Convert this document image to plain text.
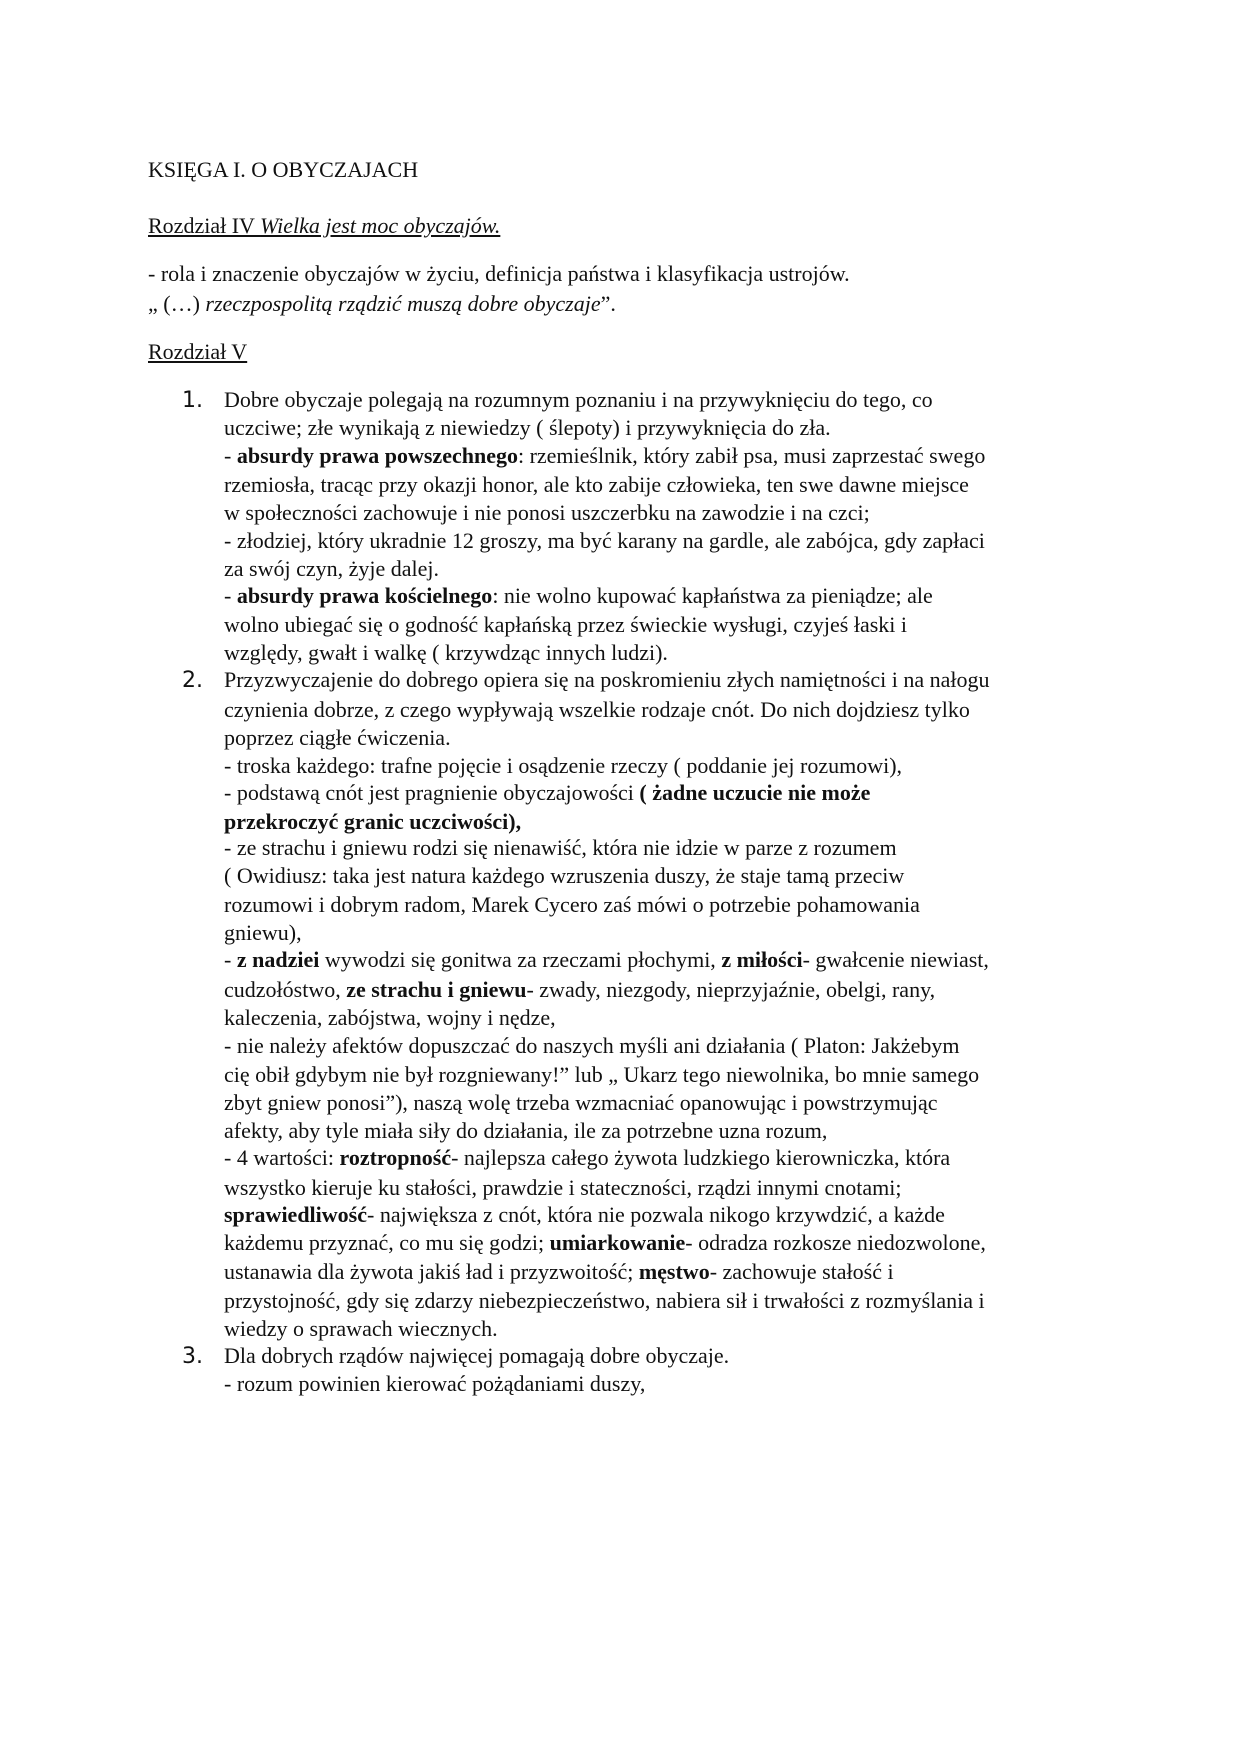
KSIĘGA I. O OBYCZAJACH
Rozdział IV Wielka jest moc obyczajów.
- rola i znaczenie obyczajów w życiu, definicja państwa i klasyfikacja ustrojów.
„ (…) rzeczpospolitą rządzić muszą dobre obyczaje”.
Rozdział V
1. Dobre obyczaje polegają na rozumnym poznaniu i na przywyknięciu do tego, co
uczciwe; złe wynikają z niewiedzy ( ślepoty) i przywyknięcia do zła.
- absurdy prawa powszechnego: rzemieślnik, który zabił psa, musi zaprzestać swego
rzemiosła, tracąc przy okazji honor, ale kto zabije człowieka, ten swe dawne miejsce
w społeczności zachowuje i nie ponosi uszczerbku na zawodzie i na czci;
- złodziej, który ukradnie 12 groszy, ma być karany na gardle, ale zabójca, gdy zapłaci
za swój czyn, żyje dalej.
- absurdy prawa kościelnego: nie wolno kupować kapłaństwa za pieniądze; ale
wolno ubiegać się o godność kapłańską przez świeckie wysługi, czyjeś łaski i
względy, gwałt i walkę ( krzywdząc innych ludzi).
2. Przyzwyczajenie do dobrego opiera się na poskromieniu złych namiętności i na nałogu
czynienia dobrze, z czego wypływają wszelkie rodzaje cnót. Do nich dojdziesz tylko
poprzez ciągłe ćwiczenia.
- troska każdego: trafne pojęcie i osądzenie rzeczy ( poddanie jej rozumowi),
- podstawą cnót jest pragnienie obyczajowości ( żadne uczucie nie może
przekroczyć granic uczciwości),
- ze strachu i gniewu rodzi się nienawiść, która nie idzie w parze z rozumem
( Owidiusz: taka jest natura każdego wzruszenia duszy, że staje tamą przeciw
rozumowi i dobrym radom, Marek Cycero zaś mówi o potrzebie pohamowania
gniewu),
- z nadziei wywodzi się gonitwa za rzeczami płochymi, z miłości- gwałcenie niewiast,
cudzołóstwo, ze strachu i gniewu- zwady, niezgody, nieprzyjaźnie, obelgi, rany,
kaleczenia, zabójstwa, wojny i nędze,
- nie należy afektów dopuszczać do naszych myśli ani działania ( Platon: Jakżebym
cię obił gdybym nie był rozgniewany!” lub „ Ukarz tego niewolnika, bo mnie samego
zbyt gniew ponosi”), naszą wolę trzeba wzmacniać opanowując i powstrzymując
afekty, aby tyle miała siły do działania, ile za potrzebne uzna rozum,
- 4 wartości: roztropność- najlepsza całego żywota ludzkiego kierowniczka, która
wszystko kieruje ku stałości, prawdzie i stateczności, rządzi innymi cnotami;
sprawiedliwość- największa z cnót, która nie pozwala nikogo krzywdzić, a każde
każdemu przyznać, co mu się godzi; umiarkowanie- odradza rozkosze niedozwolone,
ustanawia dla żywota jakiś ład i przyzwoitość; męstwo- zachowuje stałość i
przystojność, gdy się zdarzy niebezpieczeństwo, nabiera sił i trwałości z rozmyślania i
wiedzy o sprawach wiecznych.
3. Dla dobrych rządów najwięcej pomagają dobre obyczaje.
- rozum powinien kierować pożądaniami duszy,
